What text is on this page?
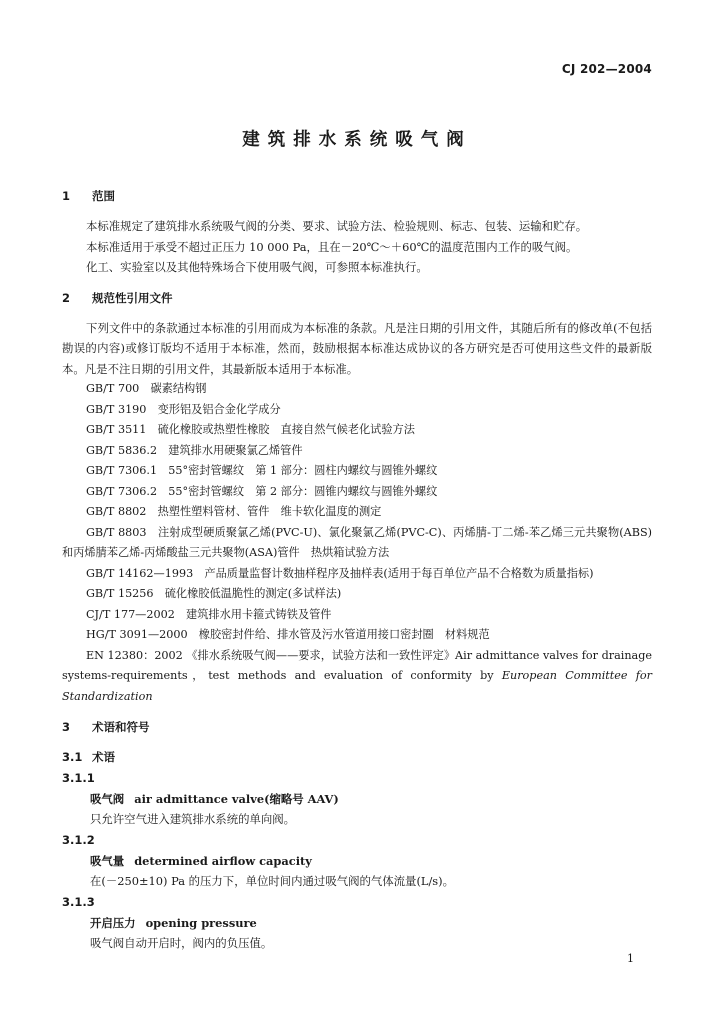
CJ 202—2004
建筑排水系统吸气阀
1	范围

本标准规定了建筑排水系统吸气阀的分类、要求、试验方法、检验规则、标志、包装、运输和贮存。

本标准适用于承受不超过正压力 10 000 Pa，且在－20℃～＋60℃的温度范围内工作的吸气阀。

化工、实验室以及其他特殊场合下使用吸气阀，可参照本标准执行。

2	规范性引用文件

下列文件中的条款通过本标准的引用而成为本标准的条款。凡是注日期的引用文件，其随后所有的修改单(不包括勘误的内容)或修订版均不适用于本标准，然而，鼓励根据本标准达成协议的各方研究是否可使用这些文件的最新版本。凡是不注日期的引用文件，其最新版本适用于本标准。

GB/T 700　碳素结构钢

GB/T 3190　变形铝及铝合金化学成分

GB/T 3511　硫化橡胶或热塑性橡胶　直接自然气候老化试验方法

GB/T 5836.2　建筑排水用硬聚氯乙烯管件

GB/T 7306.1　55°密封管螺纹　第 1 部分：圆柱内螺纹与圆锥外螺纹

GB/T 7306.2　55°密封管螺纹　第 2 部分：圆锥内螺纹与圆锥外螺纹

GB/T 8802　热塑性塑料管材、管件　维卡软化温度的测定

GB/T 8803　注射成型硬质聚氯乙烯(PVC-U)、氯化聚氯乙烯(PVC-C)、丙烯腈-丁二烯-苯乙烯三元共聚物(ABS)和丙烯腈苯乙烯-丙烯酸盐三元共聚物(ASA)管件　热烘箱试验方法

GB/T 14162—1993　产品质量监督计数抽样程序及抽样表(适用于每百单位产品不合格数为质量指标)

GB/T 15256　硫化橡胶低温脆性的测定(多试样法)

CJ/T 177—2002　建筑排水用卡箍式铸铁及管件

HG/T 3091—2000　橡胶密封件给、排水管及污水管道用接口密封圈　材料规范

EN 12380：2002 《排水系统吸气阀——要求，试验方法和一致性评定》Air admittance valves for drainage systems-requirements，test methods and evaluation of conformity by European Committee for Standardization

3	术语和符号
3.1 术语
3.1.1
吸气阀 air admittance valve(缩略号 AAV)
只允许空气进入建筑排水系统的单向阀。
3.1.2
吸气量 determined airflow capacity
在(－250±10) Pa 的压力下，单位时间内通过吸气阀的气体流量(L/s)。
3.1.3
开启压力 opening pressure
吸气阀自动开启时，阀内的负压值。
1
